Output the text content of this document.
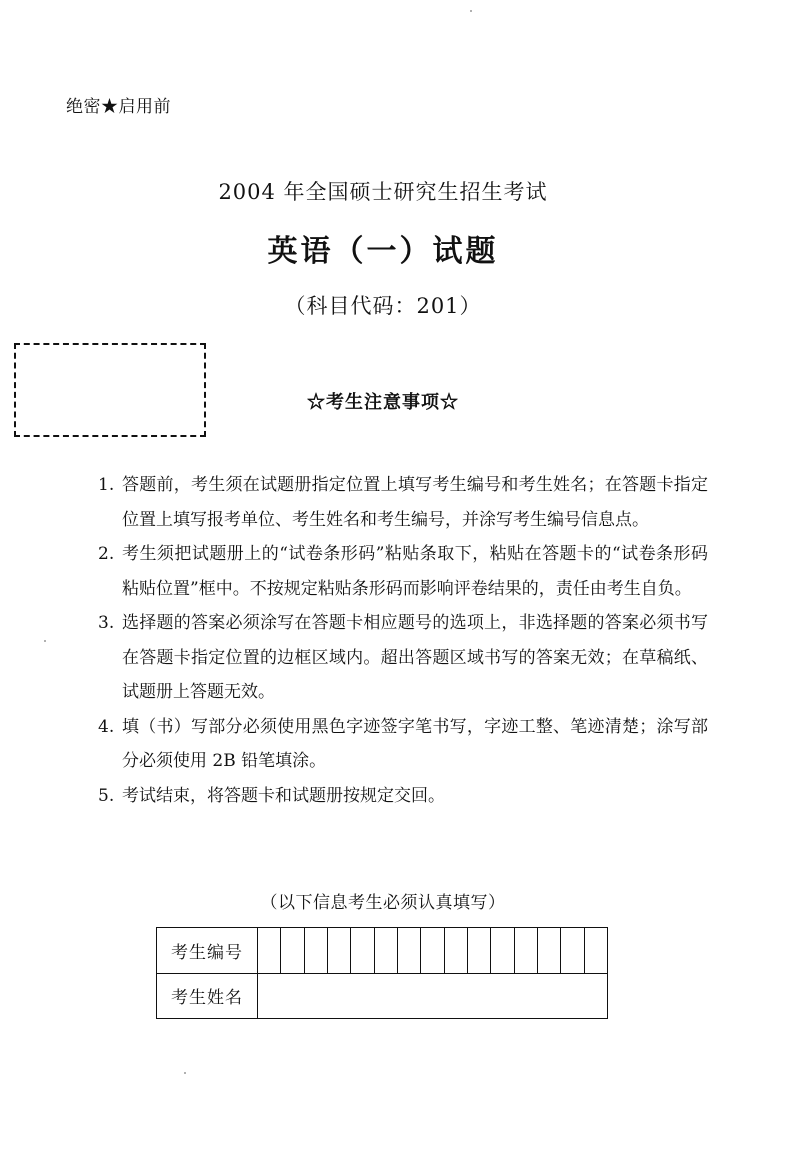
绝密★启用前
2004 年全国硕士研究生招生考试
英语（一）试题
（科目代码：201）
☆考生注意事项☆
1. 答题前，考生须在试题册指定位置上填写考生编号和考生姓名；在答题卡指定位置上填写报考单位、考生姓名和考生编号，并涂写考生编号信息点。
2. 考生须把试题册上的“试卷条形码”粘贴条取下，粘贴在答题卡的“试卷条形码粘贴位置”框中。不按规定粘贴条形码而影响评卷结果的，责任由考生自负。
3. 选择题的答案必须涂写在答题卡相应题号的选项上，非选择题的答案必须书写在答题卡指定位置的边框区域内。超出答题区域书写的答案无效；在草稿纸、试题册上答题无效。
4. 填（书）写部分必须使用黑色字迹签字笔书写，字迹工整、笔迹清楚；涂写部分必须使用 2B 铅笔填涂。
5. 考试结束，将答题卡和试题册按规定交回。
（以下信息考生必须认真填写）
考生编号															
考生姓名															
